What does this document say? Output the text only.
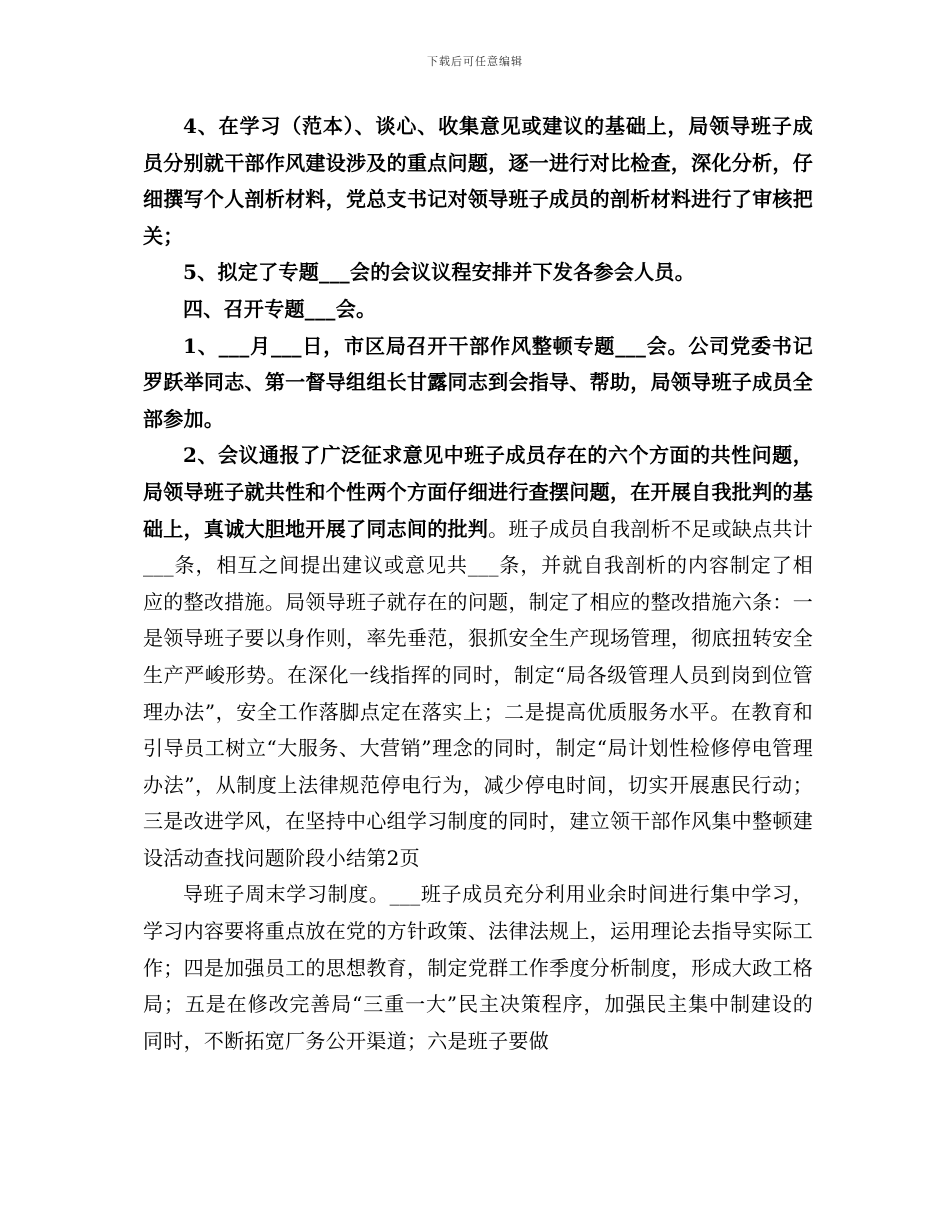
下载后可任意编辑

4、在学习（范本）、谈心、收集意见或建议的基础上，局领导班子成员分别就干部作风建设涉及的重点问题，逐一进行对比检查，深化分析，仔细撰写个人剖析材料，党总支书记对领导班子成员的剖析材料进行了审核把关；

5、拟定了专题___会的会议议程安排并下发各参会人员。

四、召开专题___会。

1、___月___日，市区局召开干部作风整顿专题___会。公司党委书记罗跃举同志、第一督导组组长甘露同志到会指导、帮助，局领导班子成员全部参加。

2、会议通报了广泛征求意见中班子成员存在的六个方面的共性问题，局领导班子就共性和个性两个方面仔细进行查摆问题，在开展自我批判的基础上，真诚大胆地开展了同志间的批判。班子成员自我剖析不足或缺点共计___条，相互之间提出建议或意见共___条，并就自我剖析的内容制定了相应的整改措施。局领导班子就存在的问题，制定了相应的整改措施六条：一是领导班子要以身作则，率先垂范，狠抓安全生产现场管理，彻底扭转安全生产严峻形势。在深化一线指挥的同时，制定“局各级管理人员到岗到位管理办法”，安全工作落脚点定在落实上；二是提高优质服务水平。在教育和引导员工树立“大服务、大营销”理念的同时，制定“局计划性检修停电管理办法”，从制度上法律规范停电行为，减少停电时间，切实开展惠民行动；三是改进学风，在坚持中心组学习制度的同时，建立领干部作风集中整顿建设活动查找问题阶段小结第2页

导班子周末学习制度。___班子成员充分利用业余时间进行集中学习，学习内容要将重点放在党的方针政策、法律法规上，运用理论去指导实际工作；四是加强员工的思想教育，制定党群工作季度分析制度，形成大政工格局；五是在修改完善局“三重一大”民主决策程序，加强民主集中制建设的同时，不断拓宽厂务公开渠道；六是班子要做
